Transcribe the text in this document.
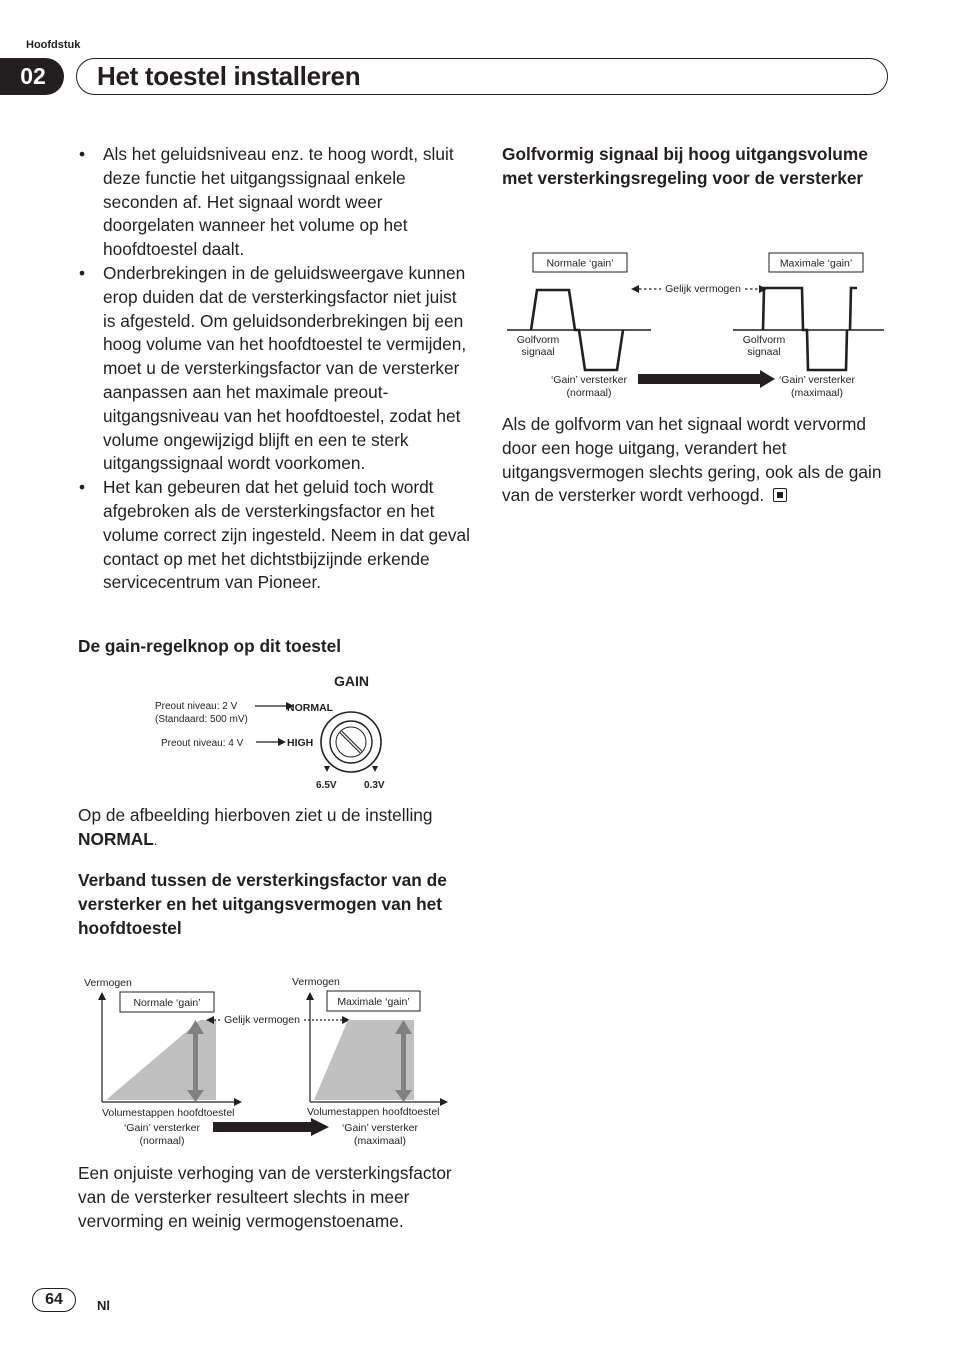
Hoofdstuk
02	Het toestel installeren
• Als het geluidsniveau enz. te hoog wordt, sluit deze functie het uitgangssignaal enkele seconden af. Het signaal wordt weer doorgelaten wanneer het volume op het hoofdtoestel daalt.
• Onderbrekingen in de geluidsweergave kunnen erop duiden dat de versterkingsfactor niet juist is afgesteld. Om geluidsonderbrekingen bij een hoog volume van het hoofdtoestel te vermijden, moet u de versterkingsfactor van de versterker aanpassen aan het maximale preout-uitgangsniveau van het hoofdtoestel, zodat het volume ongewijzigd blijft en een te sterk uitgangssignaal wordt voorkomen.
• Het kan gebeuren dat het geluid toch wordt afgebroken als de versterkingsfactor en het volume correct zijn ingesteld. Neem in dat geval contact op met het dichtstbijzijnde erkende servicecentrum van Pioneer.
De gain-regelknop op dit toestel
GAIN
Preout niveau: 2 V
(Standaard: 500 mV)
NORMAL
Preout niveau: 4 V	HIGH
6.5V	0.3V
Op de afbeelding hierboven ziet u de instelling
NORMAL.
Verband tussen de versterkingsfactor van de versterker en het uitgangsvermogen van het hoofdtoestel
Vermogen
Normale ‘gain’
Volumestappen hoofdtoestel
‘Gain’ versterker
(normaal)
Gelijk vermogen
Vermogen
Maximale ‘gain’
Volumestappen hoofdtoestel
‘Gain’ versterker
(maximaal)
Een onjuiste verhoging van de versterkingsfactor van de versterker resulteert slechts in meer vervorming en weinig vermogenstoename.
Golfvormig signaal bij hoog uitgangsvolume met versterkingsregeling voor de versterker
Normale ‘gain’	Maximale ‘gain’
Gelijk vermogen
Golfvorm
signaal
Golfvorm
signaal
‘Gain’ versterker
(normaal)
‘Gain’ versterker
(maximaal)
Als de golfvorm van het signaal wordt vervormd door een hoge uitgang, verandert het uitgangsvermogen slechts gering, ook als de gain van de versterker wordt verhoogd.
64	Nl
